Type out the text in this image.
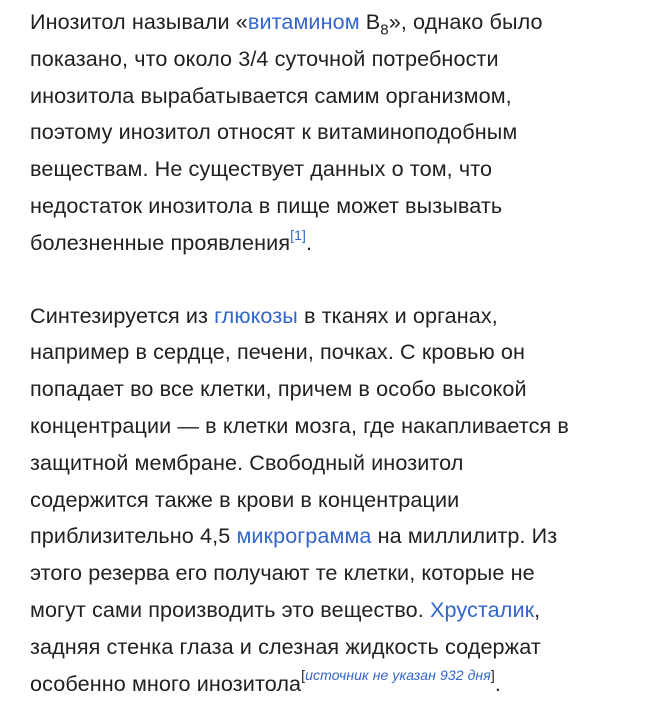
Инозитол называли «витамином $B_8$», однако было
показано, что около 3/4 суточной потребности
инозитола вырабатывается самим организмом,
поэтому инозитол относят к витаминоподобным
веществам. Не существует данных о том, что
недостаток инозитола в пище может вызывать
болезненные проявления[1].

Синтезируется из глюкозы в тканях и органах,
например в сердце, печени, почках. С кровью он
попадает во все клетки, причем в особо высокой
концентрации — в клетки мозга, где накапливается в
защитной мембране. Свободный инозитол
содержится также в крови в концентрации
приблизительно 4,5 микрограмма на миллилитр. Из
этого резерва его получают те клетки, которые не
могут сами производить это вещество. Хрусталик,
задняя стенка глаза и слезная жидкость содержат
особенно много инозитола[источник не указан 932 дня].
